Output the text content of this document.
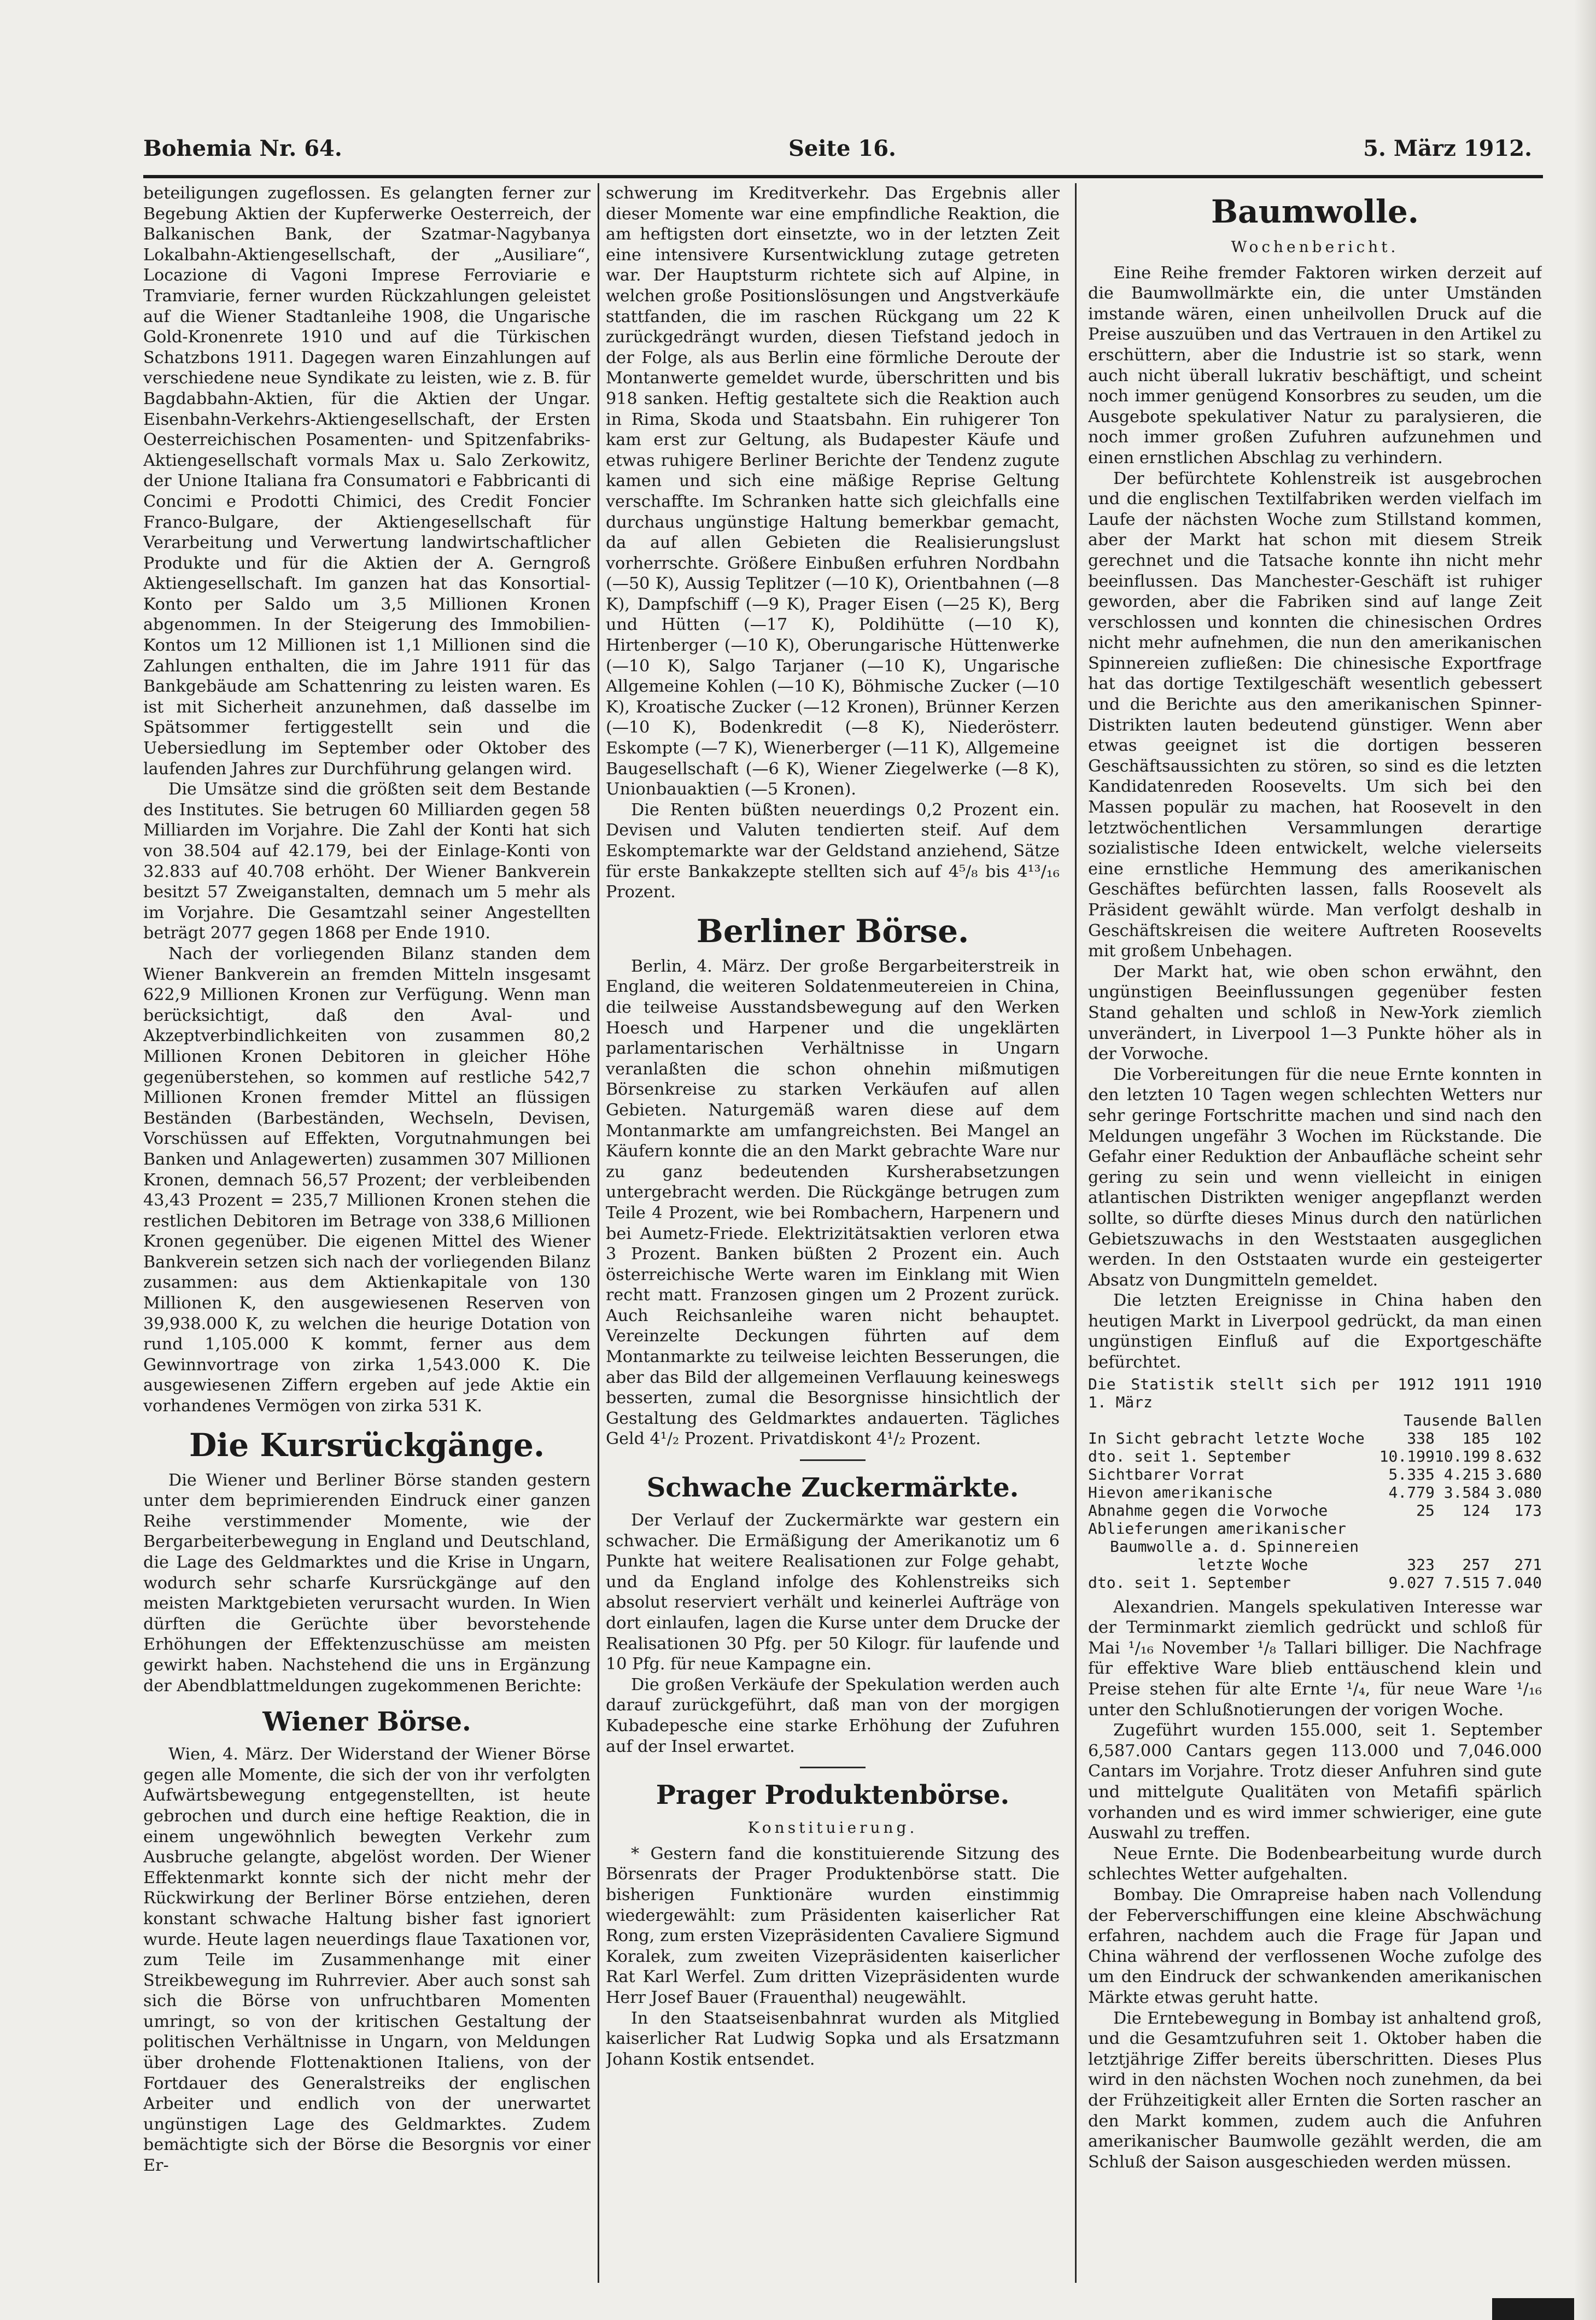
Bohemia Nr. 64.	Seite 16.	5. März 1912.

beteiligungen zugeflossen. Es gelangten ferner zur Begebung Aktien der Kupferwerke Oesterreich, der Balkanischen Bank, der Szatmar-Nagybanya Lokalbahn-Aktiengesellschaft, der „Ausiliare“, Locazione di Vagoni Imprese Ferroviarie e Tramviarie, ferner wurden Rückzahlungen geleistet auf die Wiener Stadtanleihe 1908, die Ungarische Gold-Kronenrete 1910 und auf die Türkischen Schatzbons 1911. Dagegen waren Einzahlungen auf verschiedene neue Syndikate zu leisten, wie z. B. für Bagdabbahn-Aktien, für die Aktien der Ungar. Eisenbahn-Verkehrs-Aktiengesellschaft, der Ersten Oesterreichischen Posamenten- und Spitzenfabriks-Aktiengesellschaft vormals Max u. Salo Zerkowitz, der Unione Italiana fra Consumatori e Fabbricanti di Concimi e Prodotti Chimici, des Credit Foncier Franco-Bulgare, der Aktiengesellschaft für Verarbeitung und Verwertung landwirtschaftlicher Produkte und für die Aktien der A. Gerngroß Aktiengesellschaft. Im ganzen hat das Konsortial-Konto per Saldo um 3,5 Millionen Kronen abgenommen. In der Steigerung des Immobilien-Kontos um 12 Millionen ist 1,1 Millionen sind die Zahlungen enthalten, die im Jahre 1911 für das Bankgebäude am Schattenring zu leisten waren. Es ist mit Sicherheit anzunehmen, daß dasselbe im Spätsommer fertiggestellt sein und die Uebersiedlung im September oder Oktober des laufenden Jahres zur Durchführung gelangen wird.

Die Umsätze sind die größten seit dem Bestande des Institutes. Sie betrugen 60 Milliarden gegen 58 Milliarden im Vorjahre. Die Zahl der Konti hat sich von 38.504 auf 42.179, bei der Einlage-Konti von 32.833 auf 40.708 erhöht. Der Wiener Bankverein besitzt 57 Zweiganstalten, demnach um 5 mehr als im Vorjahre. Die Gesamtzahl seiner Angestellten beträgt 2077 gegen 1868 per Ende 1910.

Nach der vorliegenden Bilanz standen dem Wiener Bankverein an fremden Mitteln insgesamt 622,9 Millionen Kronen zur Verfügung. Wenn man berücksichtigt, daß den Aval- und Akzeptverbindlichkeiten von zusammen 80,2 Millionen Kronen Debitoren in gleicher Höhe gegenüberstehen, so kommen auf restliche 542,7 Millionen Kronen fremder Mittel an flüssigen Beständen (Barbeständen, Wechseln, Devisen, Vorschüssen auf Effekten, Vorgutnahmungen bei Banken und Anlagewerten) zusammen 307 Millionen Kronen, demnach 56,57 Prozent; der verbleibenden 43,43 Prozent = 235,7 Millionen Kronen stehen die restlichen Debitoren im Betrage von 338,6 Millionen Kronen gegenüber. Die eigenen Mittel des Wiener Bankverein setzen sich nach der vorliegenden Bilanz zusammen: aus dem Aktienkapitale von 130 Millionen K, den ausgewiesenen Reserven von 39,938.000 K, zu welchen die heurige Dotation von rund 1,105.000 K kommt, ferner aus dem Gewinnvortrage von zirka 1,543.000 K. Die ausgewiesenen Ziffern ergeben auf jede Aktie ein vorhandenes Vermögen von zirka 531 K.

Die Kursrückgänge.

Die Wiener und Berliner Börse standen gestern unter dem beprimierenden Eindruck einer ganzen Reihe verstimmender Momente, wie der Bergarbeiterbewegung in England und Deutschland, die Lage des Geldmarktes und die Krise in Ungarn, wodurch sehr scharfe Kursrückgänge auf den meisten Marktgebieten verursacht wurden. In Wien dürften die Gerüchte über bevorstehende Erhöhungen der Effektenzuschüsse am meisten gewirkt haben. Nachstehend die uns in Ergänzung der Abendblattmeldungen zugekommenen Berichte:

Wiener Börse.

Wien, 4. März. Der Widerstand der Wiener Börse gegen alle Momente, die sich der von ihr verfolgten Aufwärtsbewegung entgegenstellten, ist heute gebrochen und durch eine heftige Reaktion, die in einem ungewöhnlich bewegten Verkehr zum Ausbruche gelangte, abgelöst worden. Der Wiener Effektenmarkt konnte sich der nicht mehr der Rückwirkung der Berliner Börse entziehen, deren konstant schwache Haltung bisher fast ignoriert wurde. Heute lagen neuerdings flaue Taxationen vor, zum Teile im Zusammenhange mit einer Streikbewegung im Ruhrrevier. Aber auch sonst sah sich die Börse von unfruchtbaren Momenten umringt, so von der kritischen Gestaltung der politischen Verhältnisse in Ungarn, von Meldungen über drohende Flottenaktionen Italiens, von der Fortdauer des Generalstreiks der englischen Arbeiter und endlich von der unerwartet ungünstigen Lage des Geldmarktes. Zudem bemächtigte sich der Börse die Besorgnis vor einer Er-

schwerung im Kreditverkehr. Das Ergebnis aller dieser Momente war eine empfindliche Reaktion, die am heftigsten dort einsetzte, wo in der letzten Zeit eine intensivere Kursentwicklung zutage getreten war. Der Hauptsturm richtete sich auf Alpine, in welchen große Positionslösungen und Angstverkäufe stattfanden, die im raschen Rückgang um 22 K zurückgedrängt wurden, diesen Tiefstand jedoch in der Folge, als aus Berlin eine förmliche Deroute der Montanwerte gemeldet wurde, überschritten und bis 918 sanken. Heftig gestaltete sich die Reaktion auch in Rima, Skoda und Staatsbahn. Ein ruhigerer Ton kam erst zur Geltung, als Budapester Käufe und etwas ruhigere Berliner Berichte der Tendenz zugute kamen und sich eine mäßige Reprise Geltung verschaffte. Im Schranken hatte sich gleichfalls eine durchaus ungünstige Haltung bemerkbar gemacht, da auf allen Gebieten die Realisierungslust vorherrschte. Größere Einbußen erfuhren Nordbahn (—50 K), Aussig Teplitzer (—10 K), Orientbahnen (—8 K), Dampfschiff (—9 K), Prager Eisen (—25 K), Berg und Hütten (—17 K), Poldihütte (—10 K), Hirtenberger (—10 K), Oberungarische Hüttenwerke (—10 K), Salgo Tarjaner (—10 K), Ungarische Allgemeine Kohlen (—10 K), Böhmische Zucker (—10 K), Kroatische Zucker (—12 Kronen), Brünner Kerzen (—10 K), Bodenkredit (—8 K), Niederösterr. Eskompte (—7 K), Wienerberger (—11 K), Allgemeine Baugesellschaft (—6 K), Wiener Ziegelwerke (—8 K), Unionbauaktien (—5 Kronen).

Die Renten büßten neuerdings 0,2 Prozent ein. Devisen und Valuten tendierten steif. Auf dem Eskomptemarkte war der Geldstand anziehend, Sätze für erste Bankakzepte stellten sich auf 4⁵/₈ bis 4¹³/₁₆ Prozent.

Berliner Börse.

Berlin, 4. März. Der große Bergarbeiterstreik in England, die weiteren Soldatenmeutereien in China, die teilweise Ausstandsbewegung auf den Werken Hoesch und Harpener und die ungeklärten parlamentarischen Verhältnisse in Ungarn veranlaßten die schon ohnehin mißmutigen Börsenkreise zu starken Verkäufen auf allen Gebieten. Naturgemäß waren diese auf dem Montanmarkte am umfangreichsten. Bei Mangel an Käufern konnte die an den Markt gebrachte Ware nur zu ganz bedeutenden Kursherabsetzungen untergebracht werden. Die Rückgänge betrugen zum Teile 4 Prozent, wie bei Rombachern, Harpenern und bei Aumetz-Friede. Elektrizitätsaktien verloren etwa 3 Prozent. Banken büßten 2 Prozent ein. Auch österreichische Werte waren im Einklang mit Wien recht matt. Franzosen gingen um 2 Prozent zurück. Auch Reichsanleihe waren nicht behauptet. Vereinzelte Deckungen führten auf dem Montanmarkte zu teilweise leichten Besserungen, die aber das Bild der allgemeinen Verflauung keineswegs besserten, zumal die Besorgnisse hinsichtlich der Gestaltung des Geldmarktes andauerten. Tägliches Geld 4¹/₂ Prozent. Privatdiskont 4¹/₂ Prozent.

Schwache Zuckermärkte.

Der Verlauf der Zuckermärkte war gestern ein schwacher. Die Ermäßigung der Amerikanotiz um 6 Punkte hat weitere Realisationen zur Folge gehabt, und da England infolge des Kohlenstreiks sich absolut reserviert verhält und keinerlei Aufträge von dort einlaufen, lagen die Kurse unter dem Drucke der Realisationen 30 Pfg. per 50 Kilogr. für laufende und 10 Pfg. für neue Kampagne ein.

Die großen Verkäufe der Spekulation werden auch darauf zurückgeführt, daß man von der morgigen Kubadepesche eine starke Erhöhung der Zufuhren auf der Insel erwartet.

Prager Produktenbörse.
Konstituierung.

* Gestern fand die konstituierende Sitzung des Börsenrats der Prager Produktenbörse statt. Die bisherigen Funktionäre wurden einstimmig wiedergewählt: zum Präsidenten kaiserlicher Rat Rong, zum ersten Vizepräsidenten Cavaliere Sigmund Koralek, zum zweiten Vizepräsidenten kaiserlicher Rat Karl Werfel. Zum dritten Vizepräsidenten wurde Herr Josef Bauer (Frauenthal) neugewählt.

In den Staatseisenbahnrat wurden als Mitglied kaiserlicher Rat Ludwig Sopka und als Ersatzmann Johann Kostik entsendet.

Baumwolle.
Wochenbericht.

Eine Reihe fremder Faktoren wirken derzeit auf die Baumwollmärkte ein, die unter Umständen imstande wären, einen unheilvollen Druck auf die Preise auszuüben und das Vertrauen in den Artikel zu erschüttern, aber die Industrie ist so stark, wenn auch nicht überall lukrativ beschäftigt, und scheint noch immer genügend Konsorbres zu seuden, um die Ausgebote spekulativer Natur zu paralysieren, die noch immer großen Zufuhren aufzunehmen und einen ernstlichen Abschlag zu verhindern.

Der befürchtete Kohlenstreik ist ausgebrochen und die englischen Textilfabriken werden vielfach im Laufe der nächsten Woche zum Stillstand kommen, aber der Markt hat schon mit diesem Streik gerechnet und die Tatsache konnte ihn nicht mehr beeinflussen. Das Manchester-Geschäft ist ruhiger geworden, aber die Fabriken sind auf lange Zeit verschlossen und konnten die chinesischen Ordres nicht mehr aufnehmen, die nun den amerikanischen Spinnereien zufließen: Die chinesische Exportfrage hat das dortige Textilgeschäft wesentlich gebessert und die Berichte aus den amerikanischen Spinner-Distrikten lauten bedeutend günstiger. Wenn aber etwas geeignet ist die dortigen besseren Geschäftsaussichten zu stören, so sind es die letzten Kandidatenreden Roosevelts. Um sich bei den Massen populär zu machen, hat Roosevelt in den letztwöchentlichen Versammlungen derartige sozialistische Ideen entwickelt, welche vielerseits eine ernstliche Hemmung des amerikanischen Geschäftes befürchten lassen, falls Roosevelt als Präsident gewählt würde. Man verfolgt deshalb in Geschäftskreisen die weitere Auftreten Roosevelts mit großem Unbehagen.

Der Markt hat, wie oben schon erwähnt, den ungünstigen Beeinflussungen gegenüber festen Stand gehalten und schloß in New-York ziemlich unverändert, in Liverpool 1—3 Punkte höher als in der Vorwoche.

Die Vorbereitungen für die neue Ernte konnten in den letzten 10 Tagen wegen schlechten Wetters nur sehr geringe Fortschritte machen und sind nach den Meldungen ungefähr 3 Wochen im Rückstande. Die Gefahr einer Reduktion der Anbaufläche scheint sehr gering zu sein und wenn vielleicht in einigen atlantischen Distrikten weniger angepflanzt werden sollte, so dürfte dieses Minus durch den natürlichen Gebietszuwachs in den Weststaaten ausgeglichen werden. In den Oststaaten wurde ein gesteigerter Absatz von Dungmitteln gemeldet.

Die letzten Ereignisse in China haben den heutigen Markt in Liverpool gedrückt, da man einen ungünstigen Einfluß auf die Exportgeschäfte befürchtet.

Die Statistik stellt sich per 1. März	1912	1911	1910
	Tausende Ballen		
In Sicht gebracht letzte Woche	338	185	102
dto. seit 1. September	10.199	10.199	8.632
Sichtbarer Vorrat	5.335	4.215	3.680
Hievon amerikanische	4.779	3.584	3.080
Abnahme gegen die Vorwoche	25	124	173
Ablieferungen amerikanischer			
Baumwolle a. d. Spinnereien			
letzte Woche	323	257	271
dto. seit 1. September	9.027	7.515	7.040

Alexandrien. Mangels spekulativen Interesse war der Terminmarkt ziemlich gedrückt und schloß für Mai ¹/₁₆ November ¹/₈ Tallari billiger. Die Nachfrage für effektive Ware blieb enttäuschend klein und Preise stehen für alte Ernte ¹/₄, für neue Ware ¹/₁₆ unter den Schlußnotierungen der vorigen Woche.

Zugeführt wurden 155.000, seit 1. September 6,587.000 Cantars gegen 113.000 und 7,046.000 Cantars im Vorjahre. Trotz dieser Anfuhren sind gute und mittelgute Qualitäten von Metafifi spärlich vorhanden und es wird immer schwieriger, eine gute Auswahl zu treffen.

Neue Ernte. Die Bodenbearbeitung wurde durch schlechtes Wetter aufgehalten.

Bombay. Die Omrapreise haben nach Vollendung der Feberverschiffungen eine kleine Abschwächung erfahren, nachdem auch die Frage für Japan und China während der verflossenen Woche zufolge des um den Eindruck der schwankenden amerikanischen Märkte etwas geruht hatte.

Die Erntebewegung in Bombay ist anhaltend groß, und die Gesamtzufuhren seit 1. Oktober haben die letztjährige Ziffer bereits überschritten. Dieses Plus wird in den nächsten Wochen noch zunehmen, da bei der Frühzeitigkeit aller Ernten die Sorten rascher an den Markt kommen, zudem auch die Anfuhren amerikanischer Baumwolle gezählt werden, die am Schluß der Saison ausgeschieden werden müssen.
